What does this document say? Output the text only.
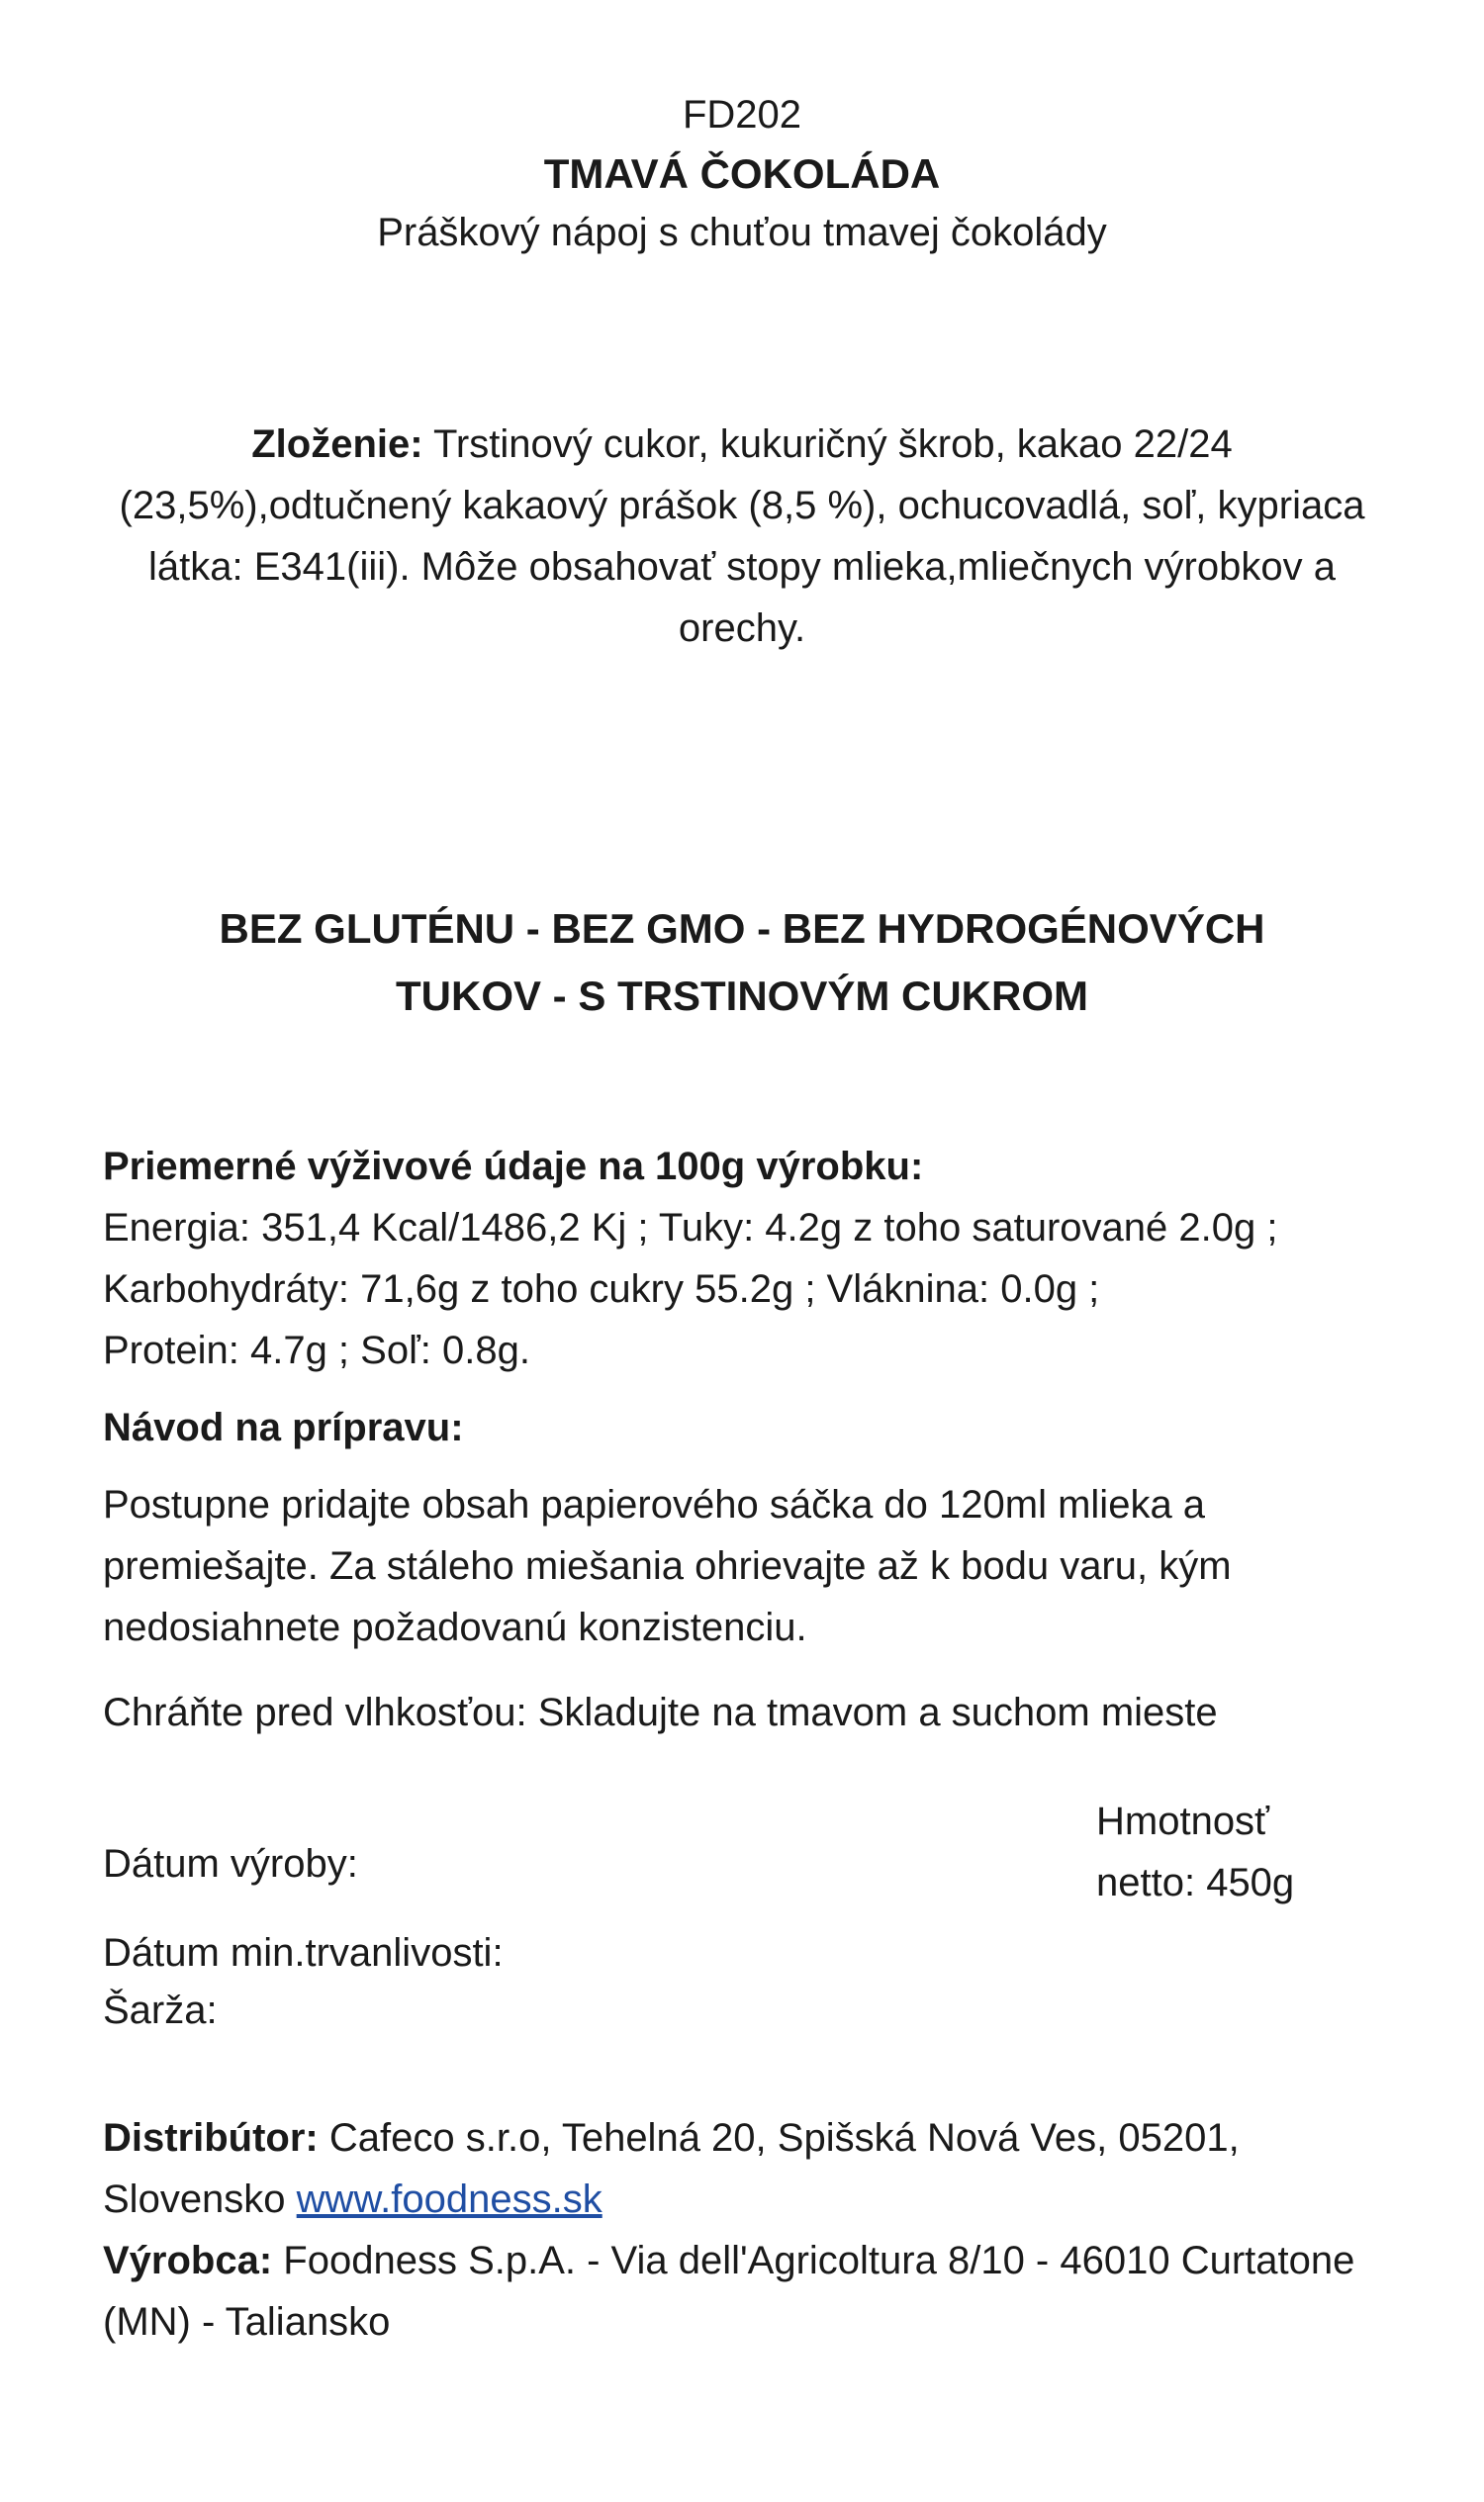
FD202
TMAVÁ ČOKOLÁDA
Práškový nápoj s chuťou tmavej čokolády
Zloženie: Trstinový cukor, kukuričný škrob, kakao 22/24 (23,5%),odtučnený kakaový prášok (8,5 %), ochucovadlá, soľ, kypriaca látka: E341(iii). Môže obsahovať stopy mlieka,mliečnych výrobkov a orechy.
BEZ GLUTÉNU - BEZ GMO - BEZ HYDROGÉNOVÝCH TUKOV - S TRSTINOVÝM CUKROM
Priemerné výživové údaje na 100g výrobku:
Energia: 351,4 Kcal/1486,2 Kj ; Tuky: 4.2g z toho saturované 2.0g ;
Karbohydráty: 71,6g z toho cukry 55.2g ; Vláknina: 0.0g ;
Protein: 4.7g ; Soľ: 0.8g.
Návod na prípravu:
Postupne pridajte obsah papierového sáčka do 120ml mlieka a premiešajte. Za stáleho miešania ohrievajte až k bodu varu, kým nedosiahnete požadovanú konzistenciu.
Chráňte pred vlhkosťou: Skladujte na tmavom a suchom mieste
Dátum výroby:
Hmotnosť
netto: 450g
Dátum min.trvanlivosti:
Šarža:
Distribútor: Cafeco s.r.o, Tehelná 20, Spišská Nová Ves, 05201,
Slovensko www.foodness.sk
Výrobca: Foodness S.p.A. - Via dell'Agricoltura 8/10 - 46010 Curtatone (MN) - Taliansko
